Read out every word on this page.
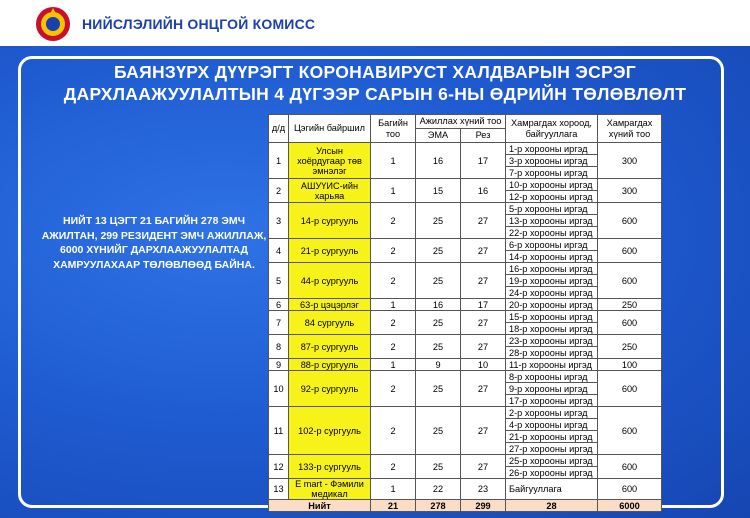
НИЙСЛЭЛИЙН ОНЦГОЙ КОМИСС
БАЯНЗҮРХ ДҮҮРЭГТ КОРОНАВИРУСТ ХАЛДВАРЫН ЭСРЭГ
ДАРХЛААЖУУЛАЛТЫН 4 ДҮГЭЭР САРЫН 6-НЫ ӨДРИЙН ТӨЛӨВЛӨЛТ
НИЙТ 13 ЦЭГТ 21 БАГИЙН 278 ЭМЧ
АЖИЛТАН, 299 РЕЗИДЕНТ ЭМЧ АЖИЛЛАЖ,
6000 ХҮНИЙГ ДАРХЛААЖУУЛАЛТАД
ХАМРУУЛАХААР ТӨЛӨВЛӨӨД БАЙНА.
д/д	Цэгийн байршил	Багийн тоо	Ажиллах хүний тоо		Хамрагдах хороод, байгууллага	Хамрагдах хүний тоо
			ЭМА	Рез		
1	Улсын хоёрдугаар төв эмнэлэг	1	16	17	1-р хорооны иргэд	300
					3-р хорооны иргэд	
					7-р хорооны иргэд	
2	АШУҮИС-ийн харьяа	1	15	16	10-р хорооны иргэд	300
					12-р хорооны иргэд	
3	14-р сургууль	2	25	27	5-р хорооны иргэд	600
					13-р хорооны иргэд	
					22-р хорооны иргэд	
4	21-р сургууль	2	25	27	6-р хорооны иргэд	600
					14-р хорооны иргэд	
5	44-р сургууль	2	25	27	16-р хорооны иргэд	600
					19-р хорооны иргэд	
					24-р хорооны иргэд	
6	63-р цэцэрлэг	1	16	17	20-р хорооны иргэд	250
7	84 сургууль	2	25	27	15-р хорооны иргэд	600
					18-р хорооны иргэд	
8	87-р сургууль	2	25	27	23-р хорооны иргэд	250
					28-р хорооны иргэд	
9	88-р сургууль	1	9	10	11-р хорооны иргэд	100
10	92-р сургууль	2	25	27	8-р хорооны иргэд	600
					9-р хорооны иргэд	
					17-р хорооны иргэд	
11	102-р сургууль	2	25	27	2-р хорооны иргэд	600
					4-р хорооны иргэд	
					21-р хорооны иргэд	
					27-р хорооны иргэд	
12	133-р сургууль	2	25	27	25-р хорооны иргэд	600
					26-р хорооны иргэд	
13	E mart - Фэмили медикал	1	22	23	Байгууллага	600
Нийт		21	278	299	28	6000
